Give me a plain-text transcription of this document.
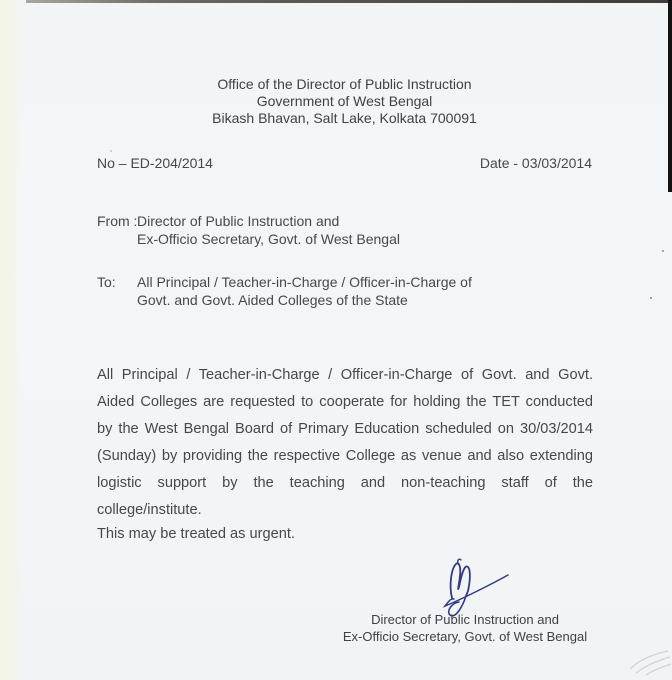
Office of the Director of Public Instruction
Government of West Bengal
Bikash Bhavan, Salt Lake, Kolkata 700091
No – ED-204/2014	Date - 03/03/2014
From : Director of Public Instruction and
Ex-Officio Secretary, Govt. of West Bengal
To: All Principal / Teacher-in-Charge / Officer-in-Charge of
Govt. and Govt. Aided Colleges of the State
All Principal / Teacher-in-Charge / Officer-in-Charge of Govt. and Govt. Aided Colleges are requested to cooperate for holding the TET conducted by the West Bengal Board of Primary Education scheduled on 30/03/2014 (Sunday) by providing the respective College as venue and also extending logistic support by the teaching and non-teaching staff of the college/institute.
This may be treated as urgent.
Director of Public Instruction and
Ex-Officio Secretary, Govt. of West Bengal
